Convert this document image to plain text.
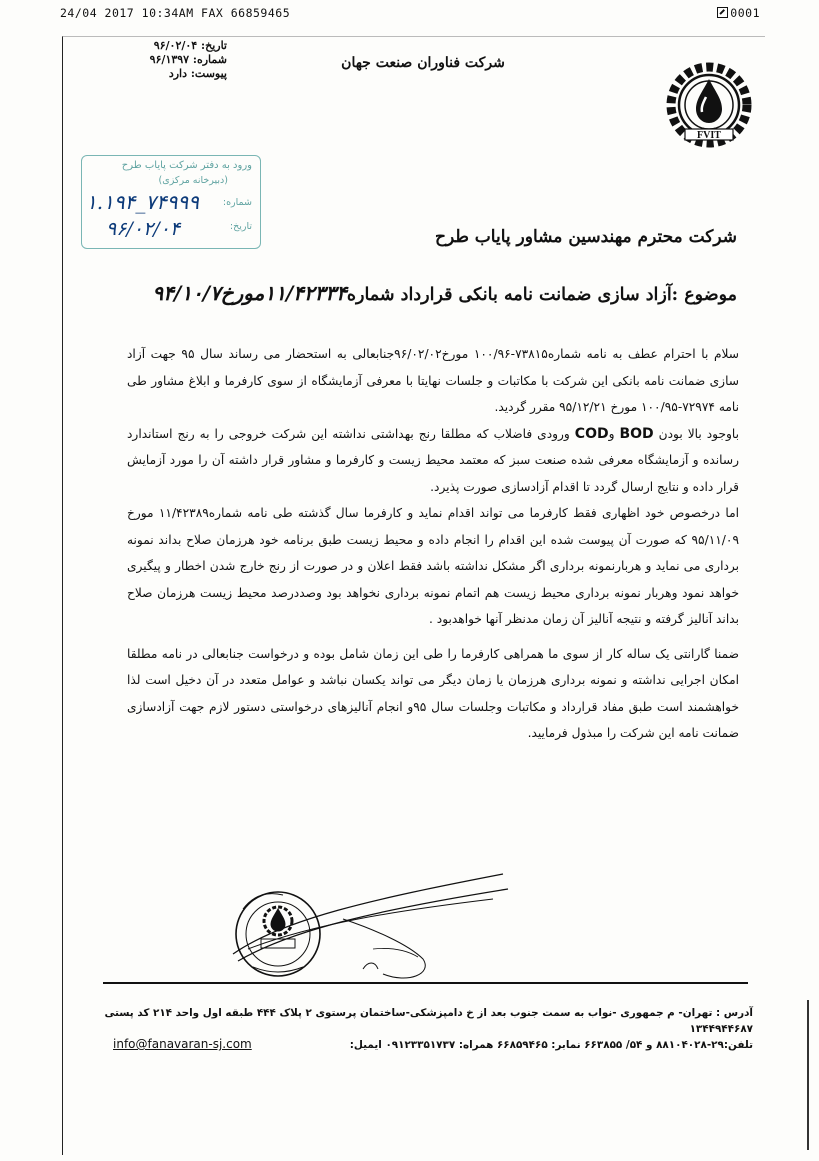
24/04 2017 10:34AM FAX 66859465	0001
FVIT
شرکت فناوران صنعت جهان
تاریخ: ۹۶/۰۲/۰۴
شماره: ۹۶/۱۳۹۷
پیوست: دارد
ورود به دفتر شرکت پایاب طرح
(دبیرخانه مرکزی)
شماره:
۱.۱۹۴_۷۴۹۹۹
تاریخ:
۹۶/۰۲/۰۴	شرکت محترم مهندسین مشاور پایاب طرح
موضوع :آزاد سازی ضمانت نامه بانکی قرارداد شماره۱۱/۴۲۳۳۴مورخ۹۴/۱۰/۷

سلام با احترام عطف به نامه شماره۷۳۸۱۵-۱۰۰/۹۶ مورخ۹۶/۰۲/۰۲جنابعالی به استحضار می رساند سال ۹۵ جهت آزاد سازی ضمانت نامه بانکی این شرکت با مکاتبات و جلسات نهایتا با معرفی آزمایشگاه از سوی کارفرما و ابلاغ مشاور طی نامه ۷۲۹۷۴-۱۰۰/۹۵ مورخ ۹۵/۱۲/۲۱ مقرر گردید.

باوجود بالا بودن BOD وCOD ورودی فاضلاب که مطلقا رنج بهداشتی نداشته این شرکت خروجی را به رنج استاندارد رسانده و آزمایشگاه معرفی شده صنعت سبز که معتمد محیط زیست و کارفرما و مشاور قرار داشته آن را مورد آزمایش قرار داده و نتایج ارسال گردد تا اقدام آزادسازی صورت پذیرد.

اما درخصوص خود اظهاری فقط کارفرما می تواند اقدام نماید و کارفرما سال گذشته طی نامه شماره۱۱/۴۲۳۸۹ مورخ ۹۵/۱۱/۰۹ که صورت آن پیوست شده این اقدام را انجام داده و محیط زیست طبق برنامه خود هرزمان صلاح بداند نمونه برداری می نماید و هربارنمونه برداری اگر مشکل نداشته باشد فقط اعلان و در صورت از رنج خارج شدن اخطار و پیگیری خواهد نمود وهربار نمونه برداری محیط زیست هم اتمام نمونه برداری نخواهد بود وصددرصد محیط زیست هرزمان صلاح بداند آنالیز گرفته و نتیجه آنالیز آن زمان مدنظر آنها خواهدبود .

ضمنا گارانتی یک ساله کار از سوی ما همراهی کارفرما را طی این زمان شامل بوده و درخواست جنابعالی در نامه مطلقا امکان اجرایی نداشته و نمونه برداری هرزمان یا زمان دیگر می تواند یکسان نباشد و عوامل متعدد در آن دخیل است لذا خواهشمند است طبق مفاد قرارداد و مکاتبات وجلسات سال ۹۵و انجام آنالیزهای درخواستی دستور لازم جهت آزادسازی ضمانت نامه این شرکت را مبذول فرمایید.

آدرس : تهران- م جمهوری -نواب به سمت جنوب بعد از خ دامپزشکی-ساختمان پرستوی ۲ پلاک ۴۴۴ طبقه اول واحد ۲۱۴ کد پستی ۱۳۴۴۹۴۴۶۸۷
تلفن:۲۹-۸۸۱۰۴۰۲۸ و ۵۴/ ۶۶۳۸۵۵ نمابر: ۶۶۸۵۹۴۶۵ همراه: ۰۹۱۲۳۳۵۱۷۳۷ ایمیل:
info@fanavaran-sj.com
